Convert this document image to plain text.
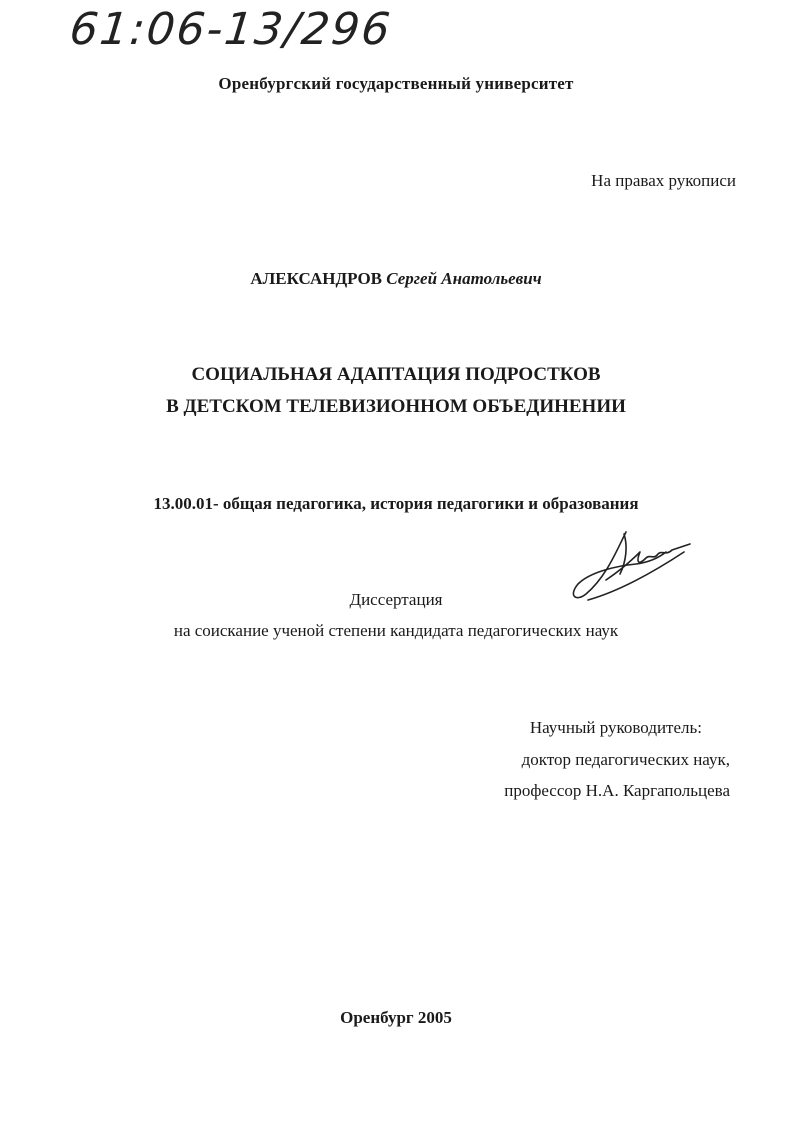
61:06-13/296
Оренбургский государственный университет
На правах рукописи
АЛЕКСАНДРОВ Сергей Анатольевич
СОЦИАЛЬНАЯ АДАПТАЦИЯ ПОДРОСТКОВ
В ДЕТСКОМ ТЕЛЕВИЗИОННОМ ОБЪЕДИНЕНИИ
13.00.01- общая педагогика, история педагогики и образования
Диссертация
на соискание ученой степени кандидата педагогических наук
Научный руководитель:
доктор педагогических наук,
профессор Н.А. Каргапольцева
Оренбург 2005
